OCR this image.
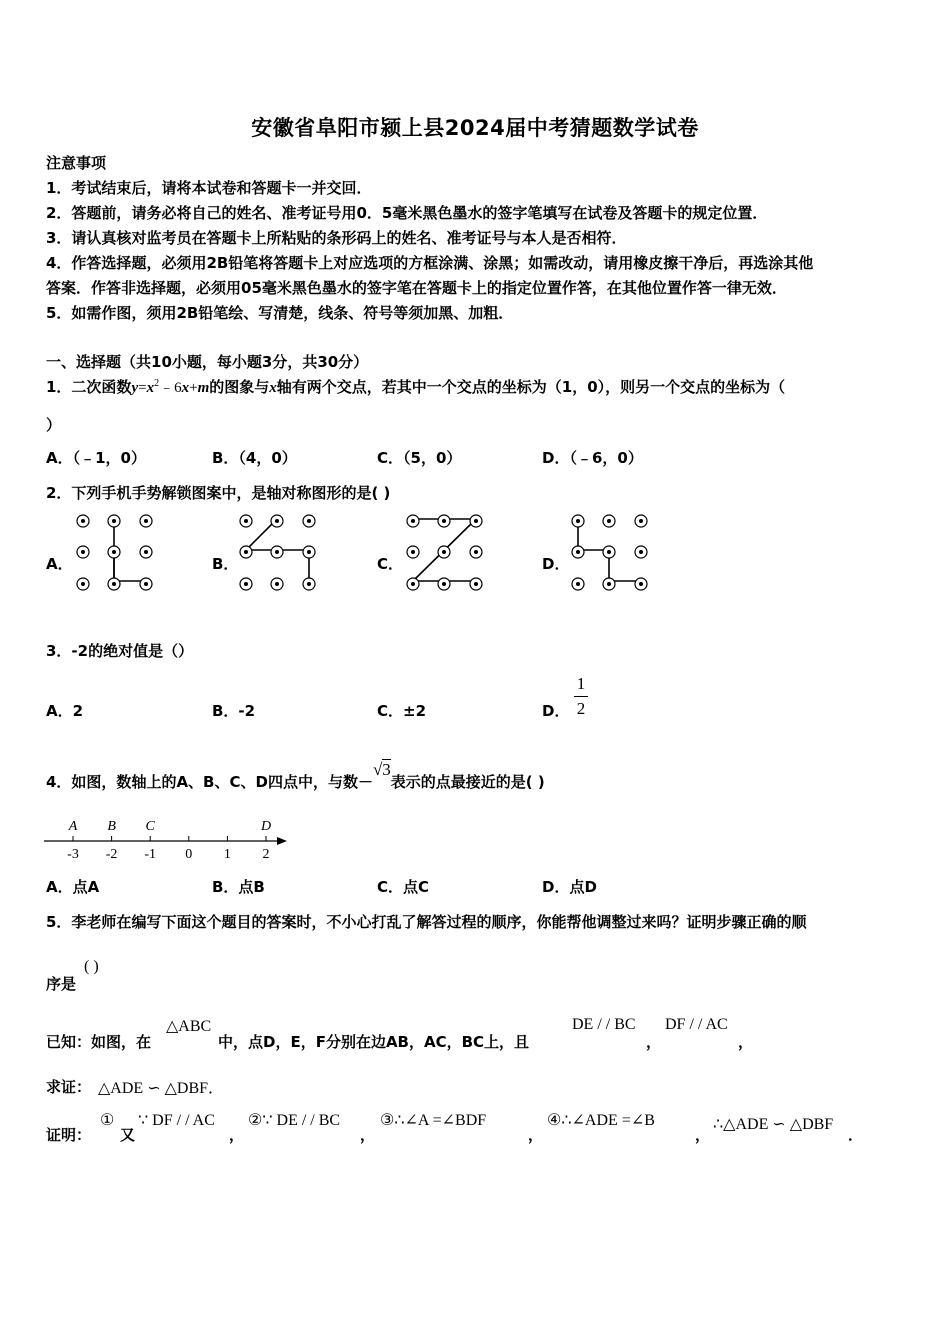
安徽省阜阳市颍上县2024届中考猜题数学试卷
注意事项
1．考试结束后，请将本试卷和答题卡一并交回．
2．答题前，请务必将自己的姓名、准考证号用0．5毫米黑色墨水的签字笔填写在试卷及答题卡的规定位置．
3．请认真核对监考员在答题卡上所粘贴的条形码上的姓名、准考证号与本人是否相符．
4．作答选择题，必须用2B铅笔将答题卡上对应选项的方框涂满、涂黑；如需改动，请用橡皮擦干净后，再选涂其他
答案．作答非选择题，必须用05毫米黑色墨水的签字笔在答题卡上的指定位置作答，在其他位置作答一律无效．
5．如需作图，须用2B铅笔绘、写清楚，线条、符号等须加黑、加粗．
一、选择题（共10小题，每小题3分，共30分）
1．二次函数$y=x^2﹣6x+m$的图象与x轴有两个交点，若其中一个交点的坐标为（1，0），则另一个交点的坐标为（
）
A．（﹣1，0）	B．（4，0）	C．（5，0）	D．（﹣6，0）
2．下列手机手势解锁图案中，是轴对称图形的是( )
A．	B．	C．	D．
3．-2的绝对值是（）
A．2	B．-2	C．±2	D．
1
2
4．如图，数轴上的A、B、C、D四点中，与数－√3表示的点最接近的是( )
-3 -2 -1 0 1 2
A B C	D
A．点A	B．点B	C．点C	D．点D
5．李老师在编写下面这个题目的答案时，不小心打乱了解答过程的顺序，你能帮他调整过来吗？证明步骤正确的顺
序是
( )
已知：如图，在
△ABC
中，点D，E，F分别在边AB，AC，BC上，且
DE / / BC
，
DF / / AC
，
求证： △ADE ∽ △DBF．
证明：
①
又
∵ DF / / AC
，
②∵ DE / / BC
，
③∴∠A =∠BDF
，
④∴∠ADE =∠B
，
∴△ADE ∽ △DBF
．
